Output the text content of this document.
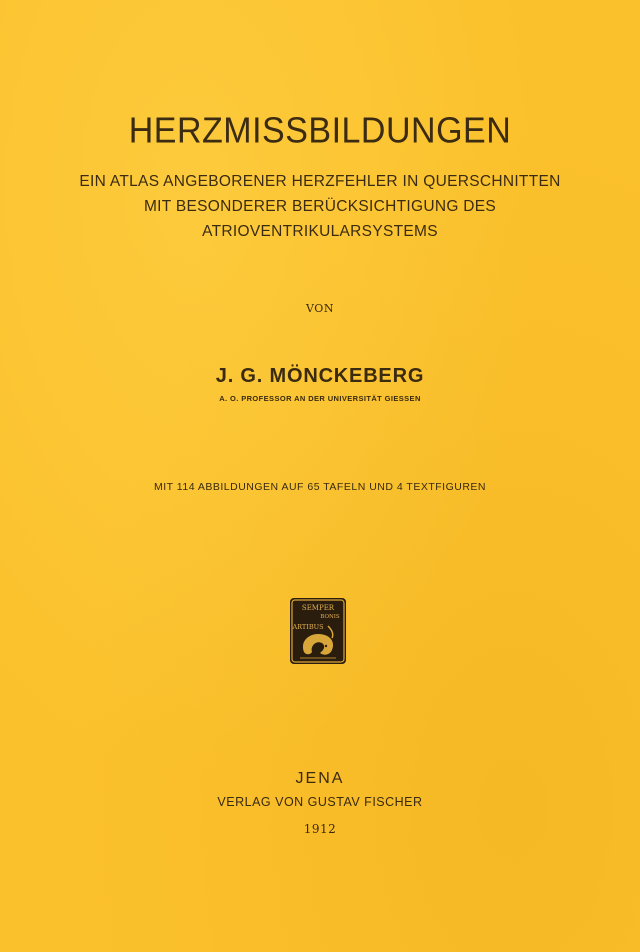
HERZMISSBILDUNGEN
EIN ATLAS ANGEBORENER HERZFEHLER IN QUERSCHNITTEN
MIT BESONDERER BERÜCKSICHTIGUNG DES
ATRIOVENTRIKULARSYSTEMS
VON
J. G. MÖNCKEBERG
A. O. PROFESSOR AN DER UNIVERSITÄT GIESSEN
MIT 114 ABBILDUNGEN AUF 65 TAFELN UND 4 TEXTFIGUREN
SEMPER
BONIS
ARTIBUS
JENA
VERLAG VON GUSTAV FISCHER
1912
